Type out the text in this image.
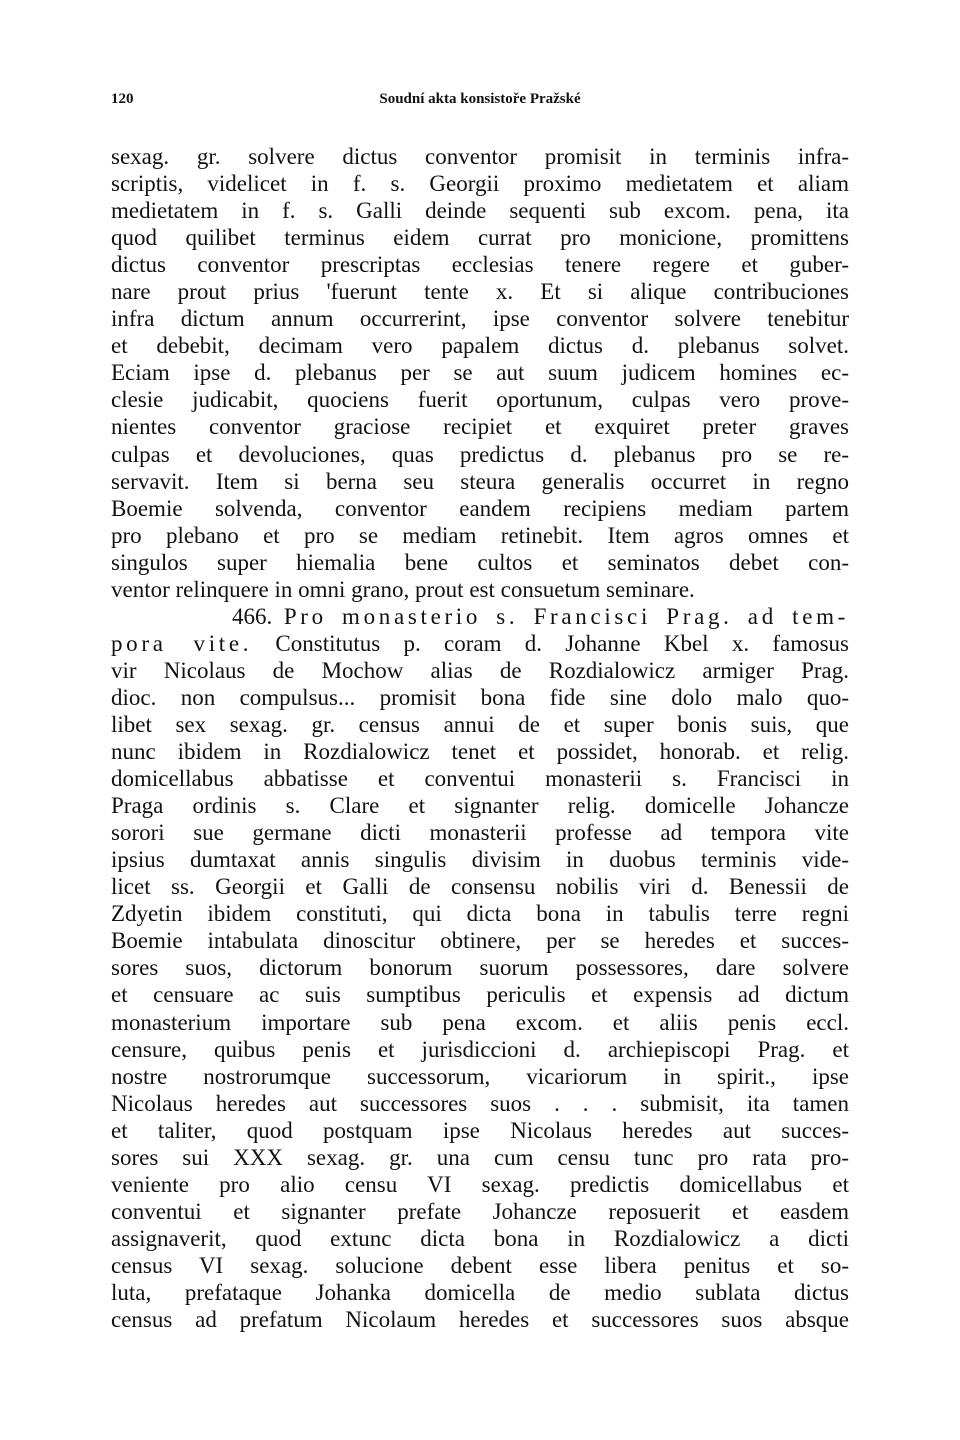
120	Soudní akta konsistoře Pražské
sexag. gr. solvere dictus conventor promisit in terminis infra-
scriptis, videlicet in f. s. Georgii proximo medietatem et aliam
medietatem in f. s. Galli deinde sequenti sub excom. pena, ita
quod quilibet terminus eidem currat pro monicione, promittens
dictus conventor prescriptas ecclesias tenere regere et guber-
nare prout prius 'fuerunt tente x. Et si alique contribuciones
infra dictum annum occurrerint, ipse conventor solvere tenebitur
et debebit, decimam vero papalem dictus d. plebanus solvet.
Eciam ipse d. plebanus per se aut suum judicem homines ec-
clesie judicabit, quociens fuerit oportunum, culpas vero prove-
nientes conventor graciose recipiet et exquiret preter graves
culpas et devoluciones, quas predictus d. plebanus pro se re-
servavit. Item si berna seu steura generalis occurret in regno
Boemie solvenda, conventor eandem recipiens mediam partem
pro plebano et pro se mediam retinebit. Item agros omnes et
singulos super hiemalia bene cultos et seminatos debet con-
ventor relinquere in omni grano, prout est consuetum seminare.
466. Pro monasterio s. Francisci Prag. ad tem-
pora vite. Constitutus p. coram d. Johanne Kbel x. famosus
vir Nicolaus de Mochow alias de Rozdialowicz armiger Prag.
dioc. non compulsus... promisit bona fide sine dolo malo quo-
libet sex sexag. gr. census annui de et super bonis suis, que
nunc ibidem in Rozdialowicz tenet et possidet, honorab. et relig.
domicellabus abbatisse et conventui monasterii s. Francisci in
Praga ordinis s. Clare et signanter relig. domicelle Johancze
sorori sue germane dicti monasterii professe ad tempora vite
ipsius dumtaxat annis singulis divisim in duobus terminis vide-
licet ss. Georgii et Galli de consensu nobilis viri d. Benessii de
Zdyetin ibidem constituti, qui dicta bona in tabulis terre regni
Boemie intabulata dinoscitur obtinere, per se heredes et succes-
sores suos, dictorum bonorum suorum possessores, dare solvere
et censuare ac suis sumptibus periculis et expensis ad dictum
monasterium importare sub pena excom. et aliis penis eccl.
censure, quibus penis et jurisdiccioni d. archiepiscopi Prag. et
nostre nostrorumque successorum, vicariorum in spirit., ipse
Nicolaus heredes aut successores suos . . . submisit, ita tamen
et taliter, quod postquam ipse Nicolaus heredes aut succes-
sores sui XXX sexag. gr. una cum censu tunc pro rata pro-
veniente pro alio censu VI sexag. predictis domicellabus et
conventui et signanter prefate Johancze reposuerit et easdem
assignaverit, quod extunc dicta bona in Rozdialowicz a dicti
census VI sexag. solucione debent esse libera penitus et so-
luta, prefataque Johanka domicella de medio sublata dictus
census ad prefatum Nicolaum heredes et successores suos absque
